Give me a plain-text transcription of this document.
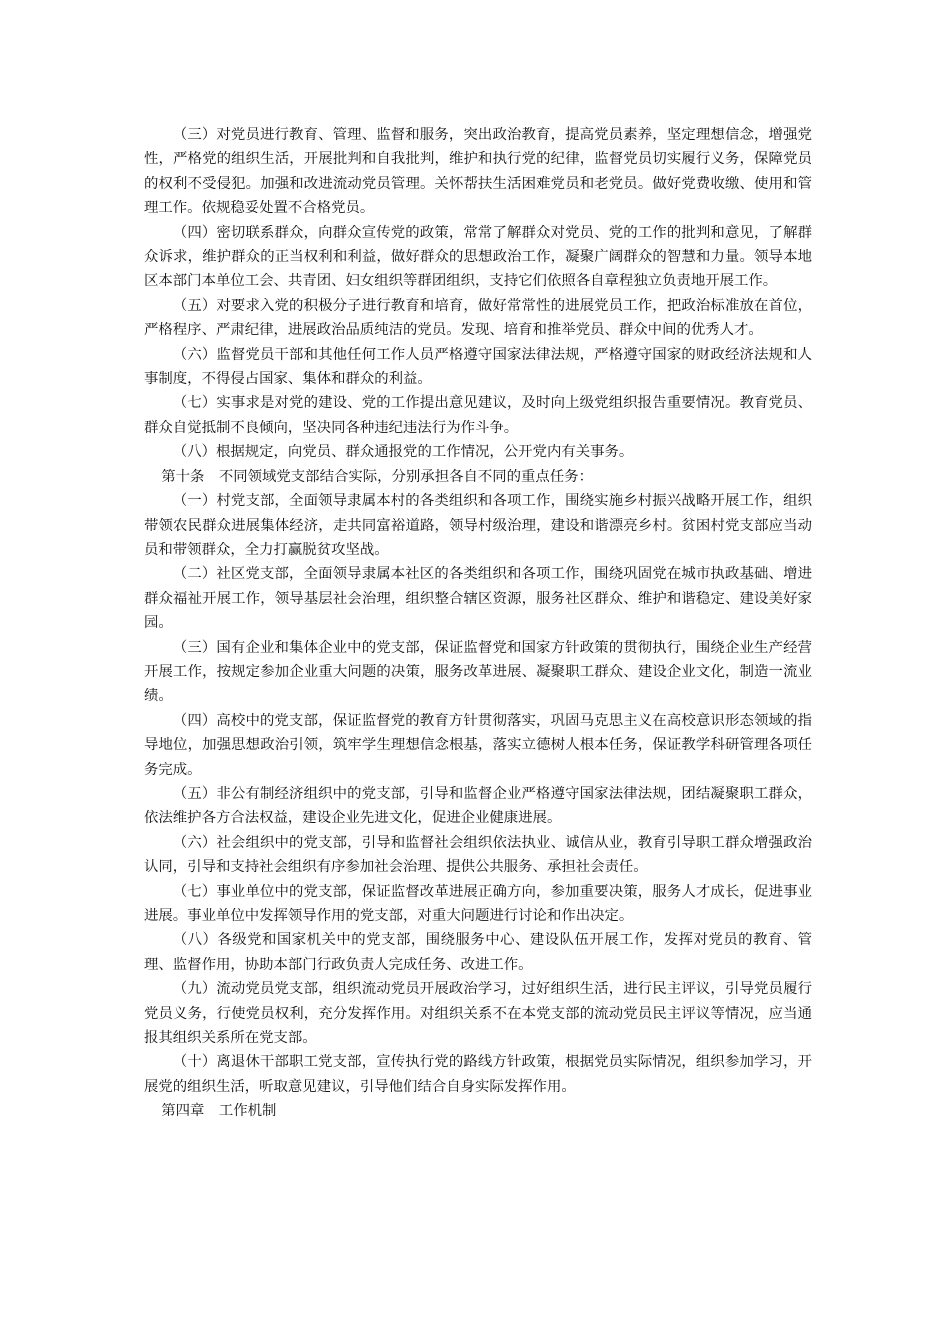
（三）对党员进行教育、管理、监督和服务，突出政治教育，提高党员素养，坚定理想信念，增强党性，严格党的组织生活，开展批判和自我批判，维护和执行党的纪律，监督党员切实履行义务，保障党员的权利不受侵犯。加强和改进流动党员管理。关怀帮扶生活困难党员和老党员。做好党费收缴、使用和管理工作。依规稳妥处置不合格党员。

（四）密切联系群众，向群众宣传党的政策，常常了解群众对党员、党的工作的批判和意见，了解群众诉求，维护群众的正当权利和利益，做好群众的思想政治工作，凝聚广阔群众的智慧和力量。领导本地区本部门本单位工会、共青团、妇女组织等群团组织，支持它们依照各自章程独立负责地开展工作。

（五）对要求入党的积极分子进行教育和培育，做好常常性的进展党员工作，把政治标准放在首位，严格程序、严肃纪律，进展政治品质纯洁的党员。发现、培育和推举党员、群众中间的优秀人才。

（六）监督党员干部和其他任何工作人员严格遵守国家法律法规，严格遵守国家的财政经济法规和人事制度，不得侵占国家、集体和群众的利益。

（七）实事求是对党的建设、党的工作提出意见建议，及时向上级党组织报告重要情况。教育党员、群众自觉抵制不良倾向，坚决同各种违纪违法行为作斗争。

（八）根据规定，向党员、群众通报党的工作情况，公开党内有关事务。

第十条　不同领域党支部结合实际，分别承担各自不同的重点任务：

（一）村党支部，全面领导隶属本村的各类组织和各项工作，围绕实施乡村振兴战略开展工作，组织带领农民群众进展集体经济，走共同富裕道路，领导村级治理，建设和谐漂亮乡村。贫困村党支部应当动员和带领群众，全力打赢脱贫攻坚战。

（二）社区党支部，全面领导隶属本社区的各类组织和各项工作，围绕巩固党在城市执政基础、增进群众福祉开展工作，领导基层社会治理，组织整合辖区资源，服务社区群众、维护和谐稳定、建设美好家园。

（三）国有企业和集体企业中的党支部，保证监督党和国家方针政策的贯彻执行，围绕企业生产经营开展工作，按规定参加企业重大问题的决策，服务改革进展、凝聚职工群众、建设企业文化，制造一流业绩。

（四）高校中的党支部，保证监督党的教育方针贯彻落实，巩固马克思主义在高校意识形态领域的指导地位，加强思想政治引领，筑牢学生理想信念根基，落实立德树人根本任务，保证教学科研管理各项任务完成。

（五）非公有制经济组织中的党支部，引导和监督企业严格遵守国家法律法规，团结凝聚职工群众，依法维护各方合法权益，建设企业先进文化，促进企业健康进展。

（六）社会组织中的党支部，引导和监督社会组织依法执业、诚信从业，教育引导职工群众增强政治认同，引导和支持社会组织有序参加社会治理、提供公共服务、承担社会责任。

（七）事业单位中的党支部，保证监督改革进展正确方向，参加重要决策，服务人才成长，促进事业进展。事业单位中发挥领导作用的党支部，对重大问题进行讨论和作出决定。

（八）各级党和国家机关中的党支部，围绕服务中心、建设队伍开展工作，发挥对党员的教育、管理、监督作用，协助本部门行政负责人完成任务、改进工作。

（九）流动党员党支部，组织流动党员开展政治学习，过好组织生活，进行民主评议，引导党员履行党员义务，行使党员权利，充分发挥作用。对组织关系不在本党支部的流动党员民主评议等情况，应当通报其组织关系所在党支部。

（十）离退休干部职工党支部，宣传执行党的路线方针政策，根据党员实际情况，组织参加学习，开展党的组织生活，听取意见建议，引导他们结合自身实际发挥作用。

第四章　工作机制
